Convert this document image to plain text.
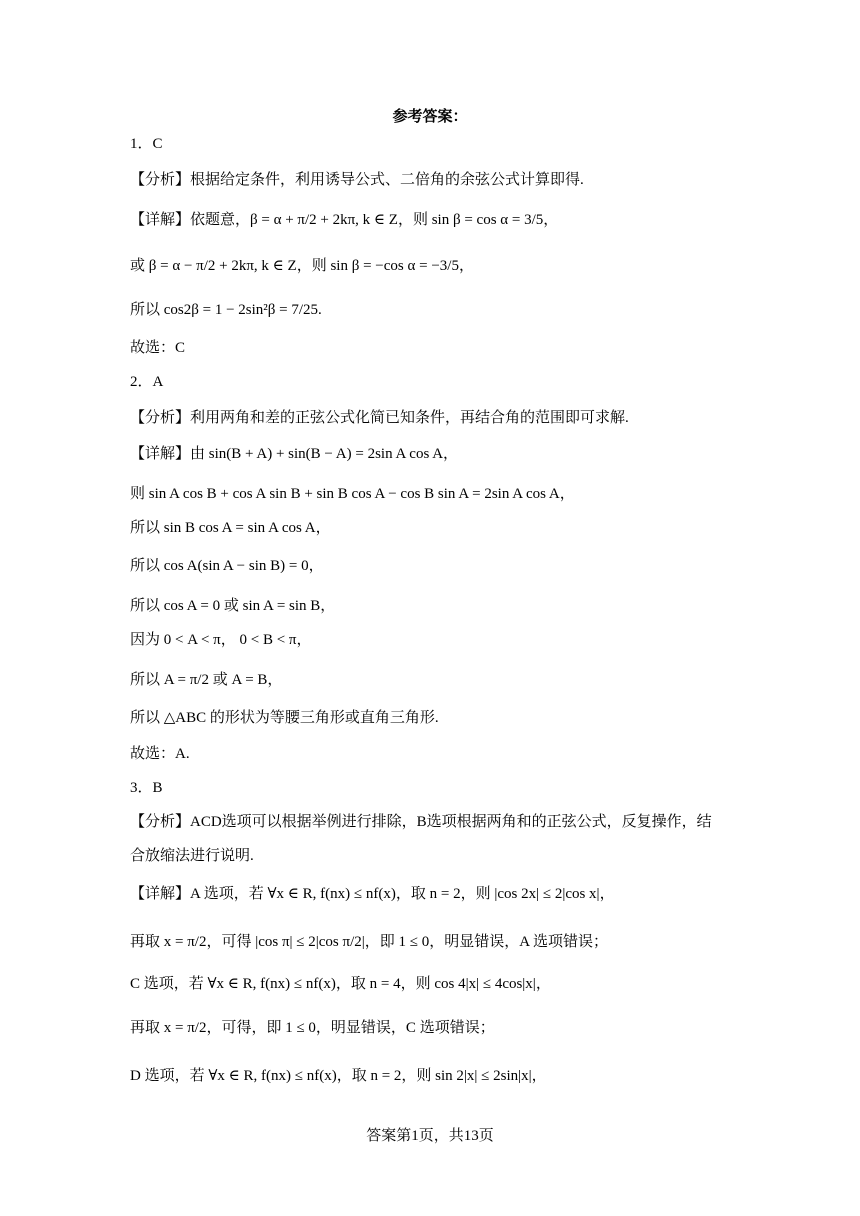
参考答案：
1．C
【分析】根据给定条件，利用诱导公式、二倍角的余弦公式计算即得.
【详解】依题意，β = α + π/2 + 2kπ, k ∈ Z，则 sin β = cos α = 3/5，
或 β = α − π/2 + 2kπ, k ∈ Z，则 sin β = −cos α = −3/5，
所以 cos2β = 1 − 2sin²β = 7/25.
故选：C
2．A
【分析】利用两角和差的正弦公式化简已知条件，再结合角的范围即可求解.
【详解】由 sin(B + A) + sin(B − A) = 2sin A cos A，
则 sin A cos B + cos A sin B + sin B cos A − cos B sin A = 2sin A cos A，
所以 sin B cos A = sin A cos A，
所以 cos A(sin A − sin B) = 0，
所以 cos A = 0 或 sin A = sin B，
因为 0 < A < π， 0 < B < π，
所以 A = π/2 或 A = B，
所以 △ABC 的形状为等腰三角形或直角三角形.
故选：A.
3．B
【分析】ACD选项可以根据举例进行排除，B选项根据两角和的正弦公式，反复操作，结
合放缩法进行说明.
【详解】A 选项，若 ∀x ∈ R, f(nx) ≤ nf(x)，取 n = 2，则 |cos 2x| ≤ 2|cos x|，
再取 x = π/2，可得 |cos π| ≤ 2|cos π/2|，即 1 ≤ 0，明显错误，A 选项错误；
C 选项，若 ∀x ∈ R, f(nx) ≤ nf(x)，取 n = 4，则 cos 4|x| ≤ 4cos|x|，
再取 x = π/2，可得，即 1 ≤ 0，明显错误，C 选项错误；
D 选项，若 ∀x ∈ R, f(nx) ≤ nf(x)，取 n = 2，则 sin 2|x| ≤ 2sin|x|，
答案第1页，共13页
